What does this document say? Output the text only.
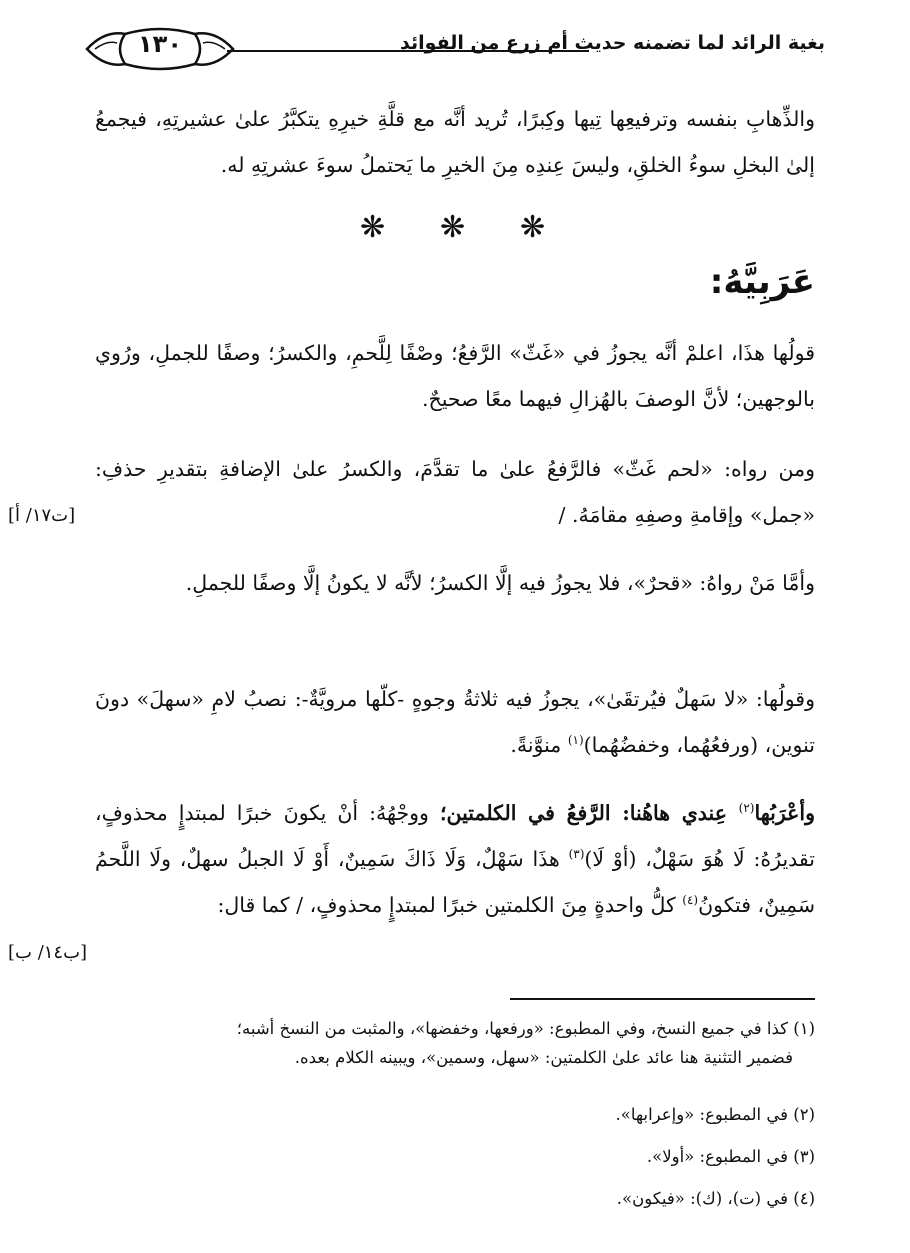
١٣٠	بغية الرائد لما تضمنه حديث أم زرع من الفوائد

والذِّهابِ بنفسه وترفيعِها تِيها وكِبرًا، تُريد أنَّه مع قلَّةِ خيرِهِ يتكبَّرُ علىٰ عشيرتِهِ، فيجمعُ إلىٰ البخلِ سوءُ الخلقِ، وليسَ عِندِه مِنَ الخيرِ ما يَحتملُ سوءَ عشرتِهِ له.

❋ ❋ ❋
عَرَبِيَّهُ:

قولُها هذَا، اعلمْ أنَّه يجوزُ في «غَثّ» الرَّفعُ؛ وصْفًا لِلَّحمِ، والكسرُ؛ وصفًا للجملِ، ورُوي بالوجهين؛ لأنَّ الوصفَ بالهُزالِ فيهما معًا صحيحٌ.

ومن رواه: «لحم غَثّ» فالرَّفعُ علىٰ ما تقدَّمَ، والكسرُ علىٰ الإضافةِ بتقديرِ حذفِ: «جمل» وإقامةِ وصفِهِ مقامَهُ. /

[ت١٧/ أ]

وأمَّا مَنْ رواهُ: «قحرٌ»، فلا يجوزُ فيه إلَّا الكسرُ؛ لأنَّه لا يكونُ إلَّا وصفًا للجملِ.

وقولُها: «لا سَهلٌ فيُرتقَىٰ»، يجوزُ فيه ثلاثةُ وجوهٍ -كلّها مرويَّةٌ-: نصبُ لامِ «سهلَ» دونَ تنوين، (ورفعُهُما، وخفضُهُما)$^{(١)}$ منوَّنةً.

وأعْرَبُها$^{(٢)}$ عِندي هاهُنا: الرَّفعُ في الكلمتين؛ ووجْهُهُ: أنْ يكونَ خبرًا لمبتدإٍ محذوفٍ، تقديرُهُ: لَا هُوَ سَهْلٌ، (أوْ لَا)$^{(٣)}$ هذَا سَهْلٌ، وَلَا ذَاكَ سَمِينٌ، أَوْ لَا الجبلُ سهلٌ، ولَا اللَّحمُ سَمِينٌ، فتكونُ$^{(٤)}$ كلُّ واحدةٍ مِنَ الكلمتين خبرًا لمبتدإٍ محذوفٍ، / كما قال:

[ب١٤/ ب]

(١) كذا في جميع النسخ، وفي المطبوع: «ورفعها، وخفضها»، والمثبت من النسخ أشبه؛

فضمير التثنية هنا عائد علىٰ الكلمتين: «سهل، وسمين»، ويبينه الكلام بعده.

(٢) في المطبوع: «وإعرابها».

(٣) في المطبوع: «أولا».

(٤) في (ت)، (ك): «فيكون».
